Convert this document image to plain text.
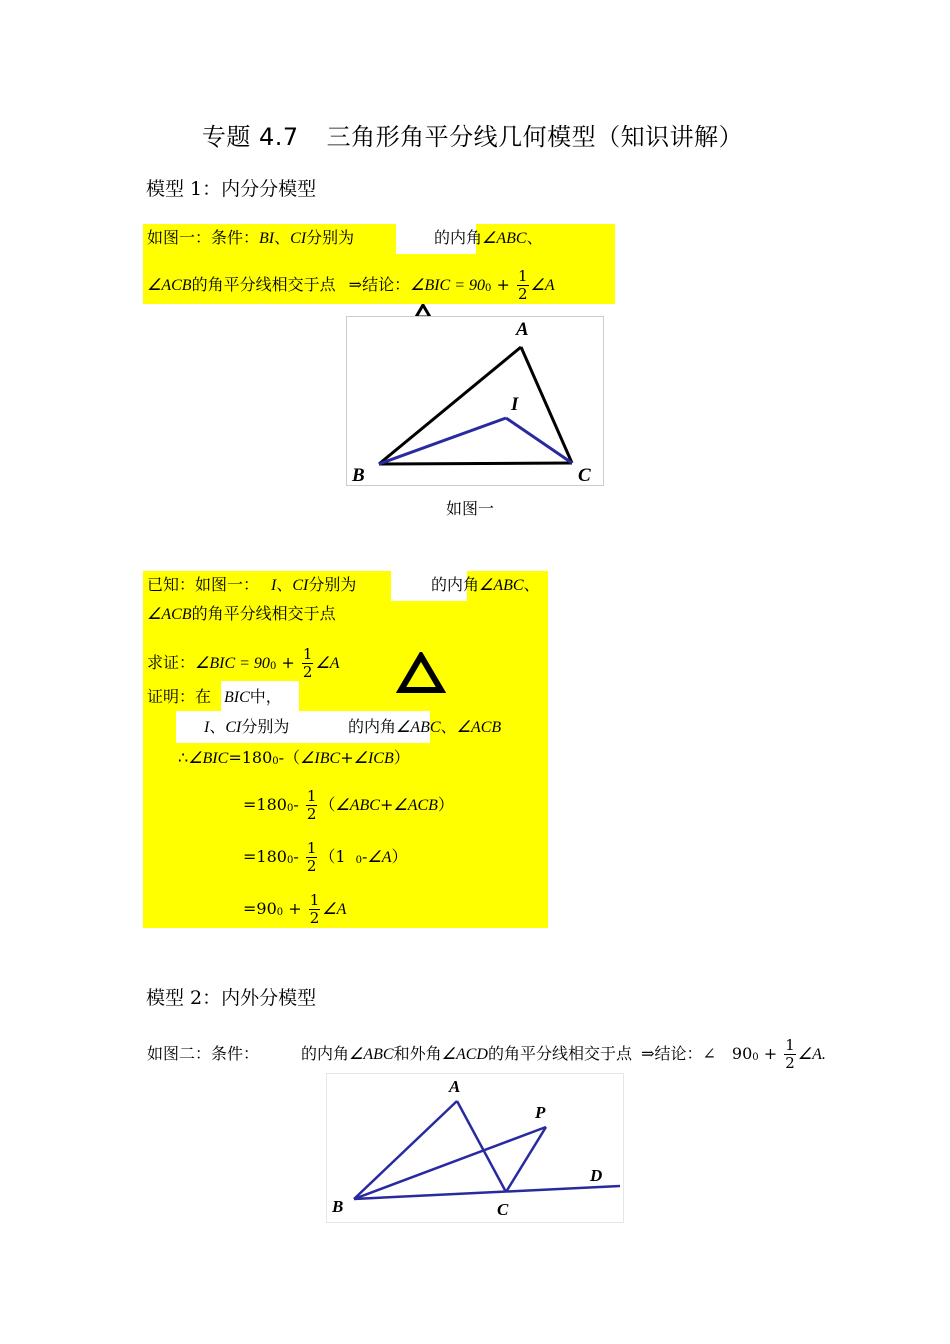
专题 4.7 三角形角平分线几何模型（知识讲解）
模型 1：内分分模型
如图一：条件：BI、CI分别为	的内角∠ABC、
∠ACB的角平分线相交于点 ⇒结论：∠BIC = $900 + \frac{1}{2}$ ∠A
A
I
B	C
如图一
已知：如图一： I、CI分别为	的内角∠ABC、
∠ACB的角平分线相交于点
求证：∠BIC = $900 + \frac{1}{2}$ ∠A
证明：在 BIC中，
I、CI分别为	的内角∠ABC、∠ACB
∴∠BIC=1800-（∠IBC+∠ICB）
$=1800- \frac{1}{2}$ （∠ABC+∠ACB）
$=1800- \frac{1}{2} (1$ 0-∠A）
$=900 + \frac{1}{2}$ ∠A
模型 2：内外分模型
如图二：条件：	的内角∠ABC和外角∠ACD的角平分线相交于点 ⇒结论：∠ $900 + \frac{1}{2}$ ∠A.
A
P
B	C
D
